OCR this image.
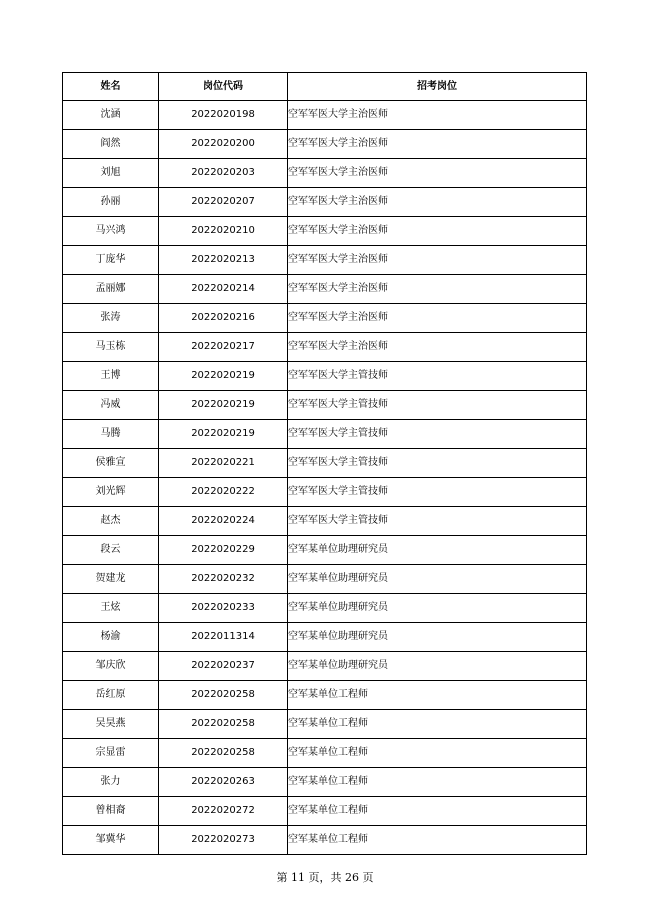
姓名	岗位代码	招考岗位
沈涵	2022020198	空军军医大学主治医师
阎然	2022020200	空军军医大学主治医师
刘旭	2022020203	空军军医大学主治医师
孙丽	2022020207	空军军医大学主治医师
马兴鸿	2022020210	空军军医大学主治医师
丁庞华	2022020213	空军军医大学主治医师
孟丽娜	2022020214	空军军医大学主治医师
张涛	2022020216	空军军医大学主治医师
马玉栋	2022020217	空军军医大学主治医师
王博	2022020219	空军军医大学主管技师
冯威	2022020219	空军军医大学主管技师
马腾	2022020219	空军军医大学主管技师
侯雅宣	2022020221	空军军医大学主管技师
刘光辉	2022020222	空军军医大学主管技师
赵杰	2022020224	空军军医大学主管技师
段云	2022020229	空军某单位助理研究员
贺建龙	2022020232	空军某单位助理研究员
王炫	2022020233	空军某单位助理研究员
杨渝	2022011314	空军某单位助理研究员
邹庆欣	2022020237	空军某单位助理研究员
岳红原	2022020258	空军某单位工程师
吴昊燕	2022020258	空军某单位工程师
宗显雷	2022020258	空军某单位工程师
张力	2022020263	空军某单位工程师
曾相裔	2022020272	空军某单位工程师
邹冀华	2022020273	空军某单位工程师
第 11 页，共 26 页
